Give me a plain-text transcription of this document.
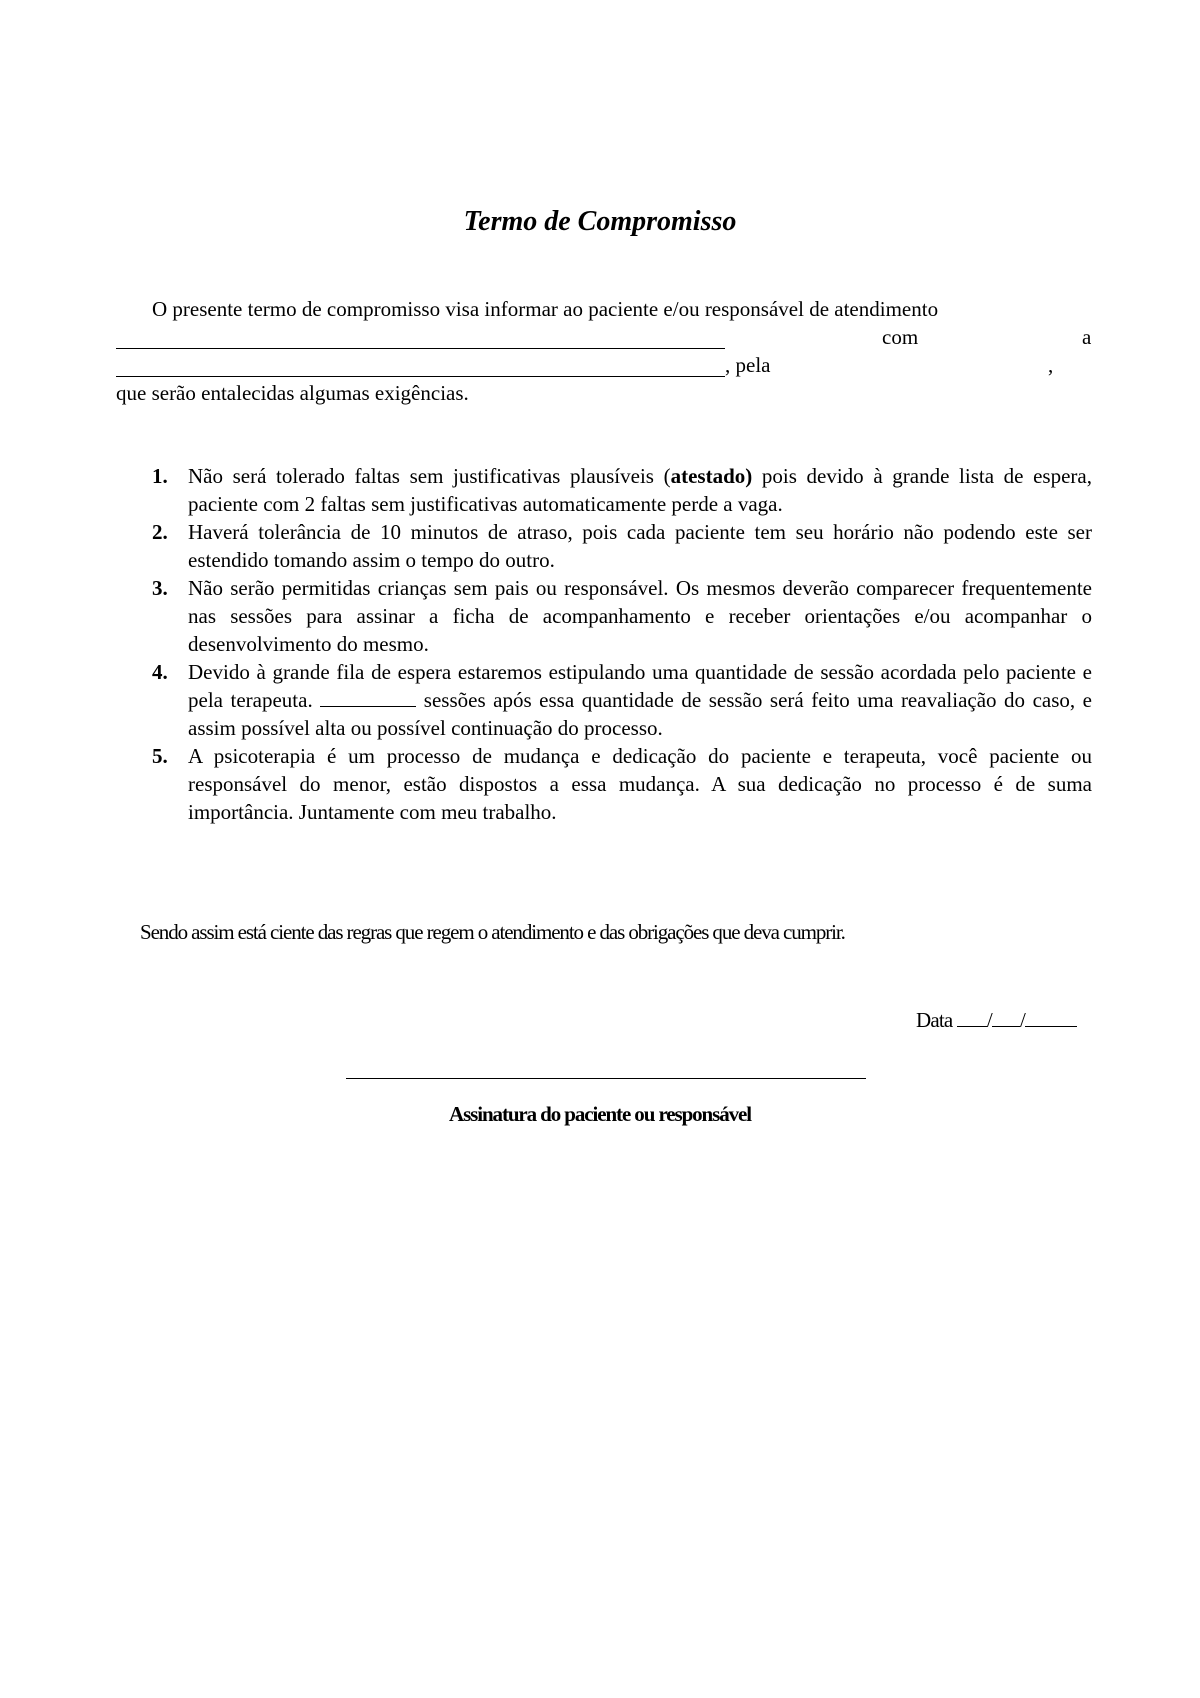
Termo de Compromisso
O presente termo de compromisso visa informar ao paciente e/ou responsável de atendimento
com	a
, pela	,
que serão entalecidas algumas exigências.
1. Não será tolerado faltas sem justificativas plausíveis (atestado) pois devido à grande lista de espera, paciente com 2 faltas sem justificativas automaticamente perde a vaga.
2. Haverá tolerância de 10 minutos de atraso, pois cada paciente tem seu horário não podendo este ser estendido tomando assim o tempo do outro.
3. Não serão permitidas crianças sem pais ou responsável. Os mesmos deverão comparecer frequentemente nas sessões para assinar a ficha de acompanhamento e receber orientações e/ou acompanhar o desenvolvimento do mesmo.
4. Devido à grande fila de espera estaremos estipulando uma quantidade de sessão acordada pelo paciente e pela terapeuta.	sessões após essa quantidade de sessão será feito uma reavaliação do caso, e assim possível alta ou possível continuação do processo.
5. A psicoterapia é um processo de mudança e dedicação do paciente e terapeuta, você paciente ou responsável do menor, estão dispostos a essa mudança. A sua dedicação no processo é de suma importância. Juntamente com meu trabalho.
Sendo assim está ciente das regras que regem o atendimento e das obrigações que deva cumprir.
Data / /
Assinatura do paciente ou responsável
